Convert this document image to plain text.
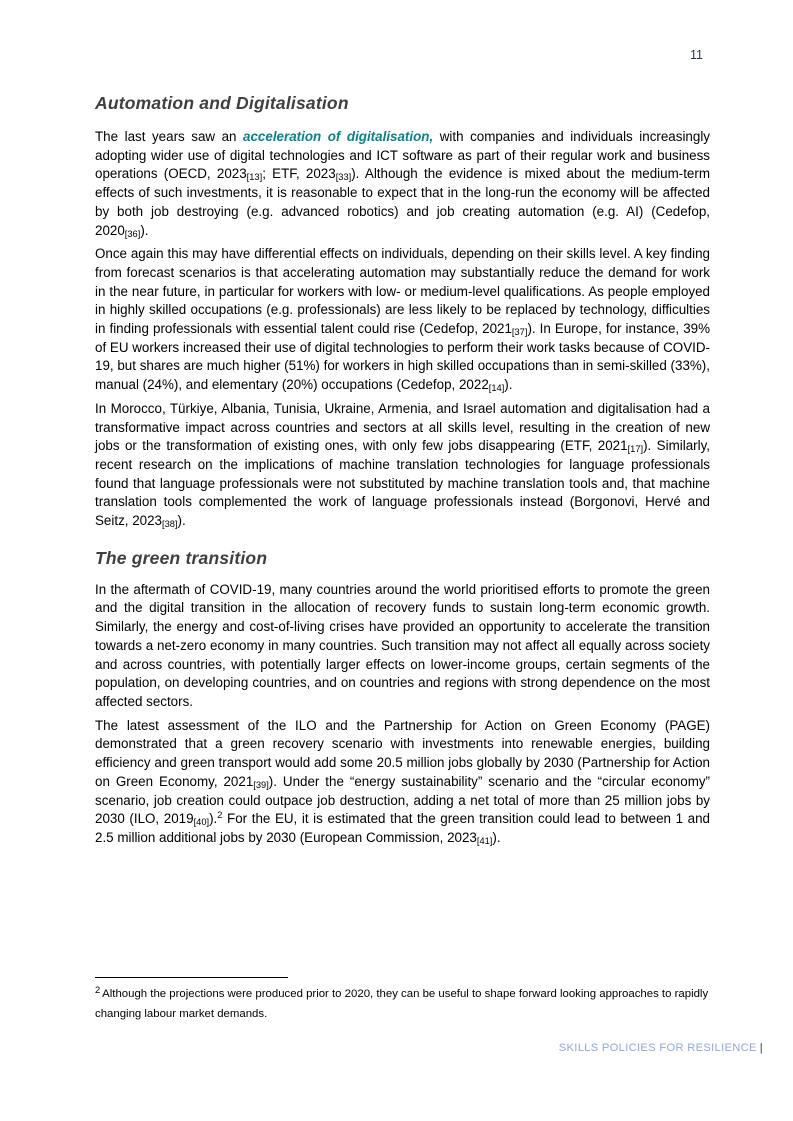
11
Automation and Digitalisation

The last years saw an acceleration of digitalisation, with companies and individuals increasingly adopting wider use of digital technologies and ICT software as part of their regular work and business operations (OECD, $2023_{[13]}$; ETF, $2023_{[33]}$). Although the evidence is mixed about the medium-term effects of such investments, it is reasonable to expect that in the long-run the economy will be affected by both job destroying (e.g. advanced robotics) and job creating automation (e.g. AI) (Cedefop, $2020_{[36]}$).

Once again this may have differential effects on individuals, depending on their skills level. A key finding from forecast scenarios is that accelerating automation may substantially reduce the demand for work in the near future, in particular for workers with low- or medium-level qualifications. As people employed in highly skilled occupations (e.g. professionals) are less likely to be replaced by technology, difficulties in finding professionals with essential talent could rise (Cedefop, $2021_{[37]}$). In Europe, for instance, 39% of EU workers increased their use of digital technologies to perform their work tasks because of COVID-19, but shares are much higher (51%) for workers in high skilled occupations than in semi-skilled (33%), manual (24%), and elementary (20%) occupations (Cedefop, $2022_{[14]}$).

In Morocco, Türkiye, Albania, Tunisia, Ukraine, Armenia, and Israel automation and digitalisation had a transformative impact across countries and sectors at all skills level, resulting in the creation of new jobs or the transformation of existing ones, with only few jobs disappearing (ETF, $2021_{[17]}$). Similarly, recent research on the implications of machine translation technologies for language professionals found that language professionals were not substituted by machine translation tools and, that machine translation tools complemented the work of language professionals instead (Borgonovi, Hervé and Seitz, $2023_{[38]}$).

The green transition

In the aftermath of COVID-19, many countries around the world prioritised efforts to promote the green and the digital transition in the allocation of recovery funds to sustain long-term economic growth. Similarly, the energy and cost-of-living crises have provided an opportunity to accelerate the transition towards a net-zero economy in many countries. Such transition may not affect all equally across society and across countries, with potentially larger effects on lower-income groups, certain segments of the population, on developing countries, and on countries and regions with strong dependence on the most affected sectors.

The latest assessment of the ILO and the Partnership for Action on Green Economy (PAGE) demonstrated that a green recovery scenario with investments into renewable energies, building efficiency and green transport would add some 20.5 million jobs globally by 2030 (Partnership for Action on Green Economy, $2021_{[39]}$). Under the “energy sustainability” scenario and the “circular economy” scenario, job creation could outpace job destruction, adding a net total of more than 25 million jobs by 2030 (ILO, $2019_{[40]}).^2$ For the EU, it is estimated that the green transition could lead to between 1 and 2.5 million additional jobs by 2030 (European Commission, $2023_{[41]}$).

$^2$ Although the projections were produced prior to 2020, they can be useful to shape forward looking approaches to rapidly changing labour market demands.

SKILLS POLICIES FOR RESILIENCE |
